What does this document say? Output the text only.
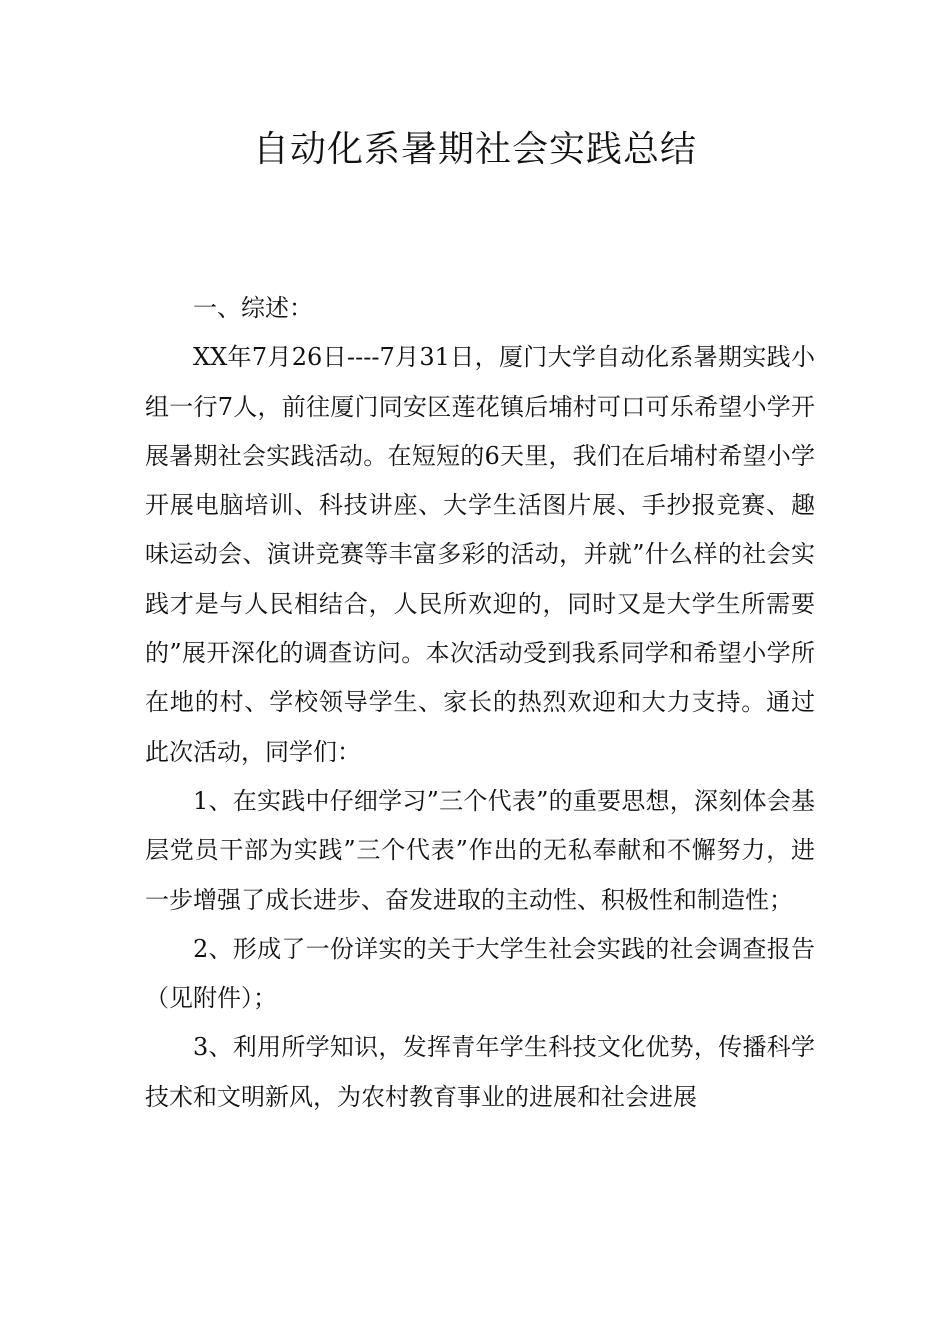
自动化系暑期社会实践总结

一、综述：

XX年7月26日----7月31日，厦门大学自动化系暑期实践小组一行7人，前往厦门同安区莲花镇后埔村可口可乐希望小学开展暑期社会实践活动。在短短的6天里，我们在后埔村希望小学开展电脑培训、科技讲座、大学生活图片展、手抄报竞赛、趣味运动会、演讲竞赛等丰富多彩的活动，并就”什么样的社会实践才是与人民相结合，人民所欢迎的，同时又是大学生所需要的”展开深化的调查访问。本次活动受到我系同学和希望小学所在地的村、学校领导学生、家长的热烈欢迎和大力支持。通过此次活动，同学们：

1、在实践中仔细学习”三个代表”的重要思想，深刻体会基层党员干部为实践”三个代表”作出的无私奉献和不懈努力，进一步增强了成长进步、奋发进取的主动性、积极性和制造性；

2、形成了一份详实的关于大学生社会实践的社会调查报告（见附件）；

3、利用所学知识，发挥青年学生科技文化优势，传播科学技术和文明新风，为农村教育事业的进展和社会进展
